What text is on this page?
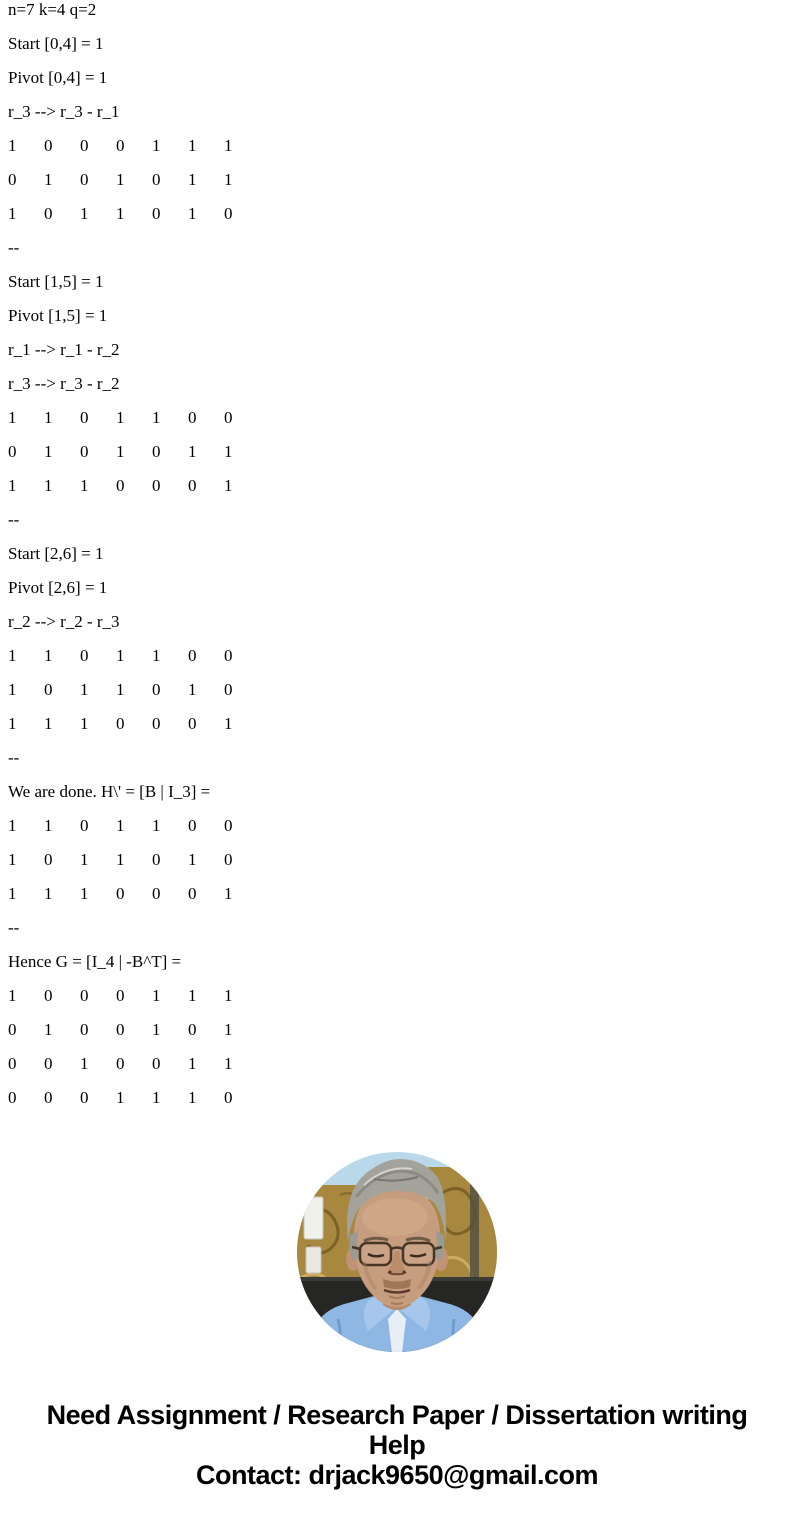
n=7 k=4 q=2

Start [0,4] = 1

Pivot [0,4] = 1

r_3 --> r_3 - r_1

1 0 0 0 1 1 1
0 1 0 1 0 1 1
1 0 1 1 0 1 0

--

Start [1,5] = 1

Pivot [1,5] = 1

r_1 --> r_1 - r_2

r_3 --> r_3 - r_2

1 1 0 1 1 0 0
0 1 0 1 0 1 1
1 1 1 0 0 0 1

--

Start [2,6] = 1

Pivot [2,6] = 1

r_2 --> r_2 - r_3

1 1 0 1 1 0 0
1 0 1 1 0 1 0
1 1 1 0 0 0 1

--

We are done. H\' = [B | I_3] =

1 1 0 1 1 0 0
1 0 1 1 0 1 0
1 1 1 0 0 0 1

--

Hence G = [I_4 | -B^T] =

1 0 0 0 1 1 1
0 1 0 0 1 0 1
0 0 1 0 0 1 1
0 0 0 1 1 1 0
Need Assignment / Research Paper / Dissertation writing Help
Contact: drjack9650@gmail.com
